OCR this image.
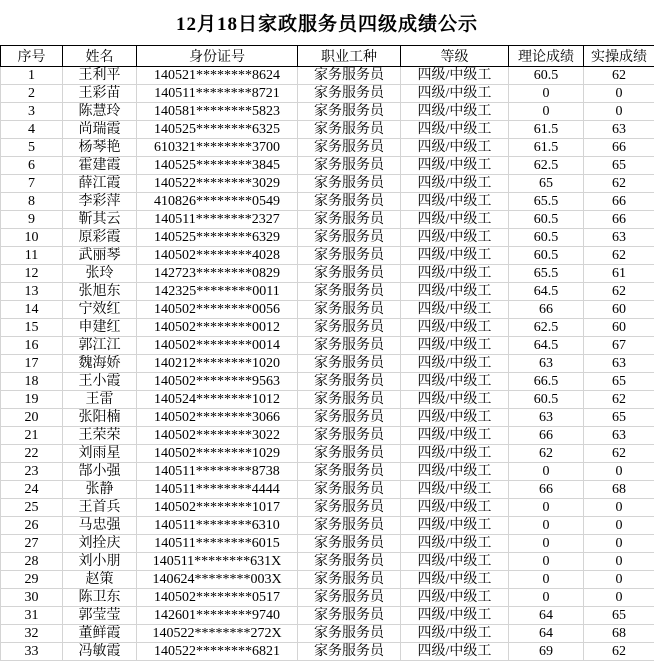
12月18日家政服务员四级成绩公示
序号	姓名	身份证号	职业工种	等级	理论成绩	实操成绩
1	王利平	140521********8624	家务服务员	四级/中级工	60.5	62
2	王彩苗	140511********8721	家务服务员	四级/中级工	0	0
3	陈慧玲	140581********5823	家务服务员	四级/中级工	0	0
4	尚瑞霞	140525********6325	家务服务员	四级/中级工	61.5	63
5	杨琴艳	610321********3700	家务服务员	四级/中级工	61.5	66
6	霍建霞	140525********3845	家务服务员	四级/中级工	62.5	65
7	薛江霞	140522********3029	家务服务员	四级/中级工	65	62
8	李彩萍	410826********0549	家务服务员	四级/中级工	65.5	66
9	靳其云	140511********2327	家务服务员	四级/中级工	60.5	66
10	原彩霞	140525********6329	家务服务员	四级/中级工	60.5	63
11	武丽琴	140502********4028	家务服务员	四级/中级工	60.5	62
12	张玲	142723********0829	家务服务员	四级/中级工	65.5	61
13	张旭东	142325********0011	家务服务员	四级/中级工	64.5	62
14	宁效红	140502********0056	家务服务员	四级/中级工	66	60
15	申建红	140502********0012	家务服务员	四级/中级工	62.5	60
16	郭江江	140502********0014	家务服务员	四级/中级工	64.5	67
17	魏海娇	140212********1020	家务服务员	四级/中级工	63	63
18	王小霞	140502********9563	家务服务员	四级/中级工	66.5	65
19	王雷	140524********1012	家务服务员	四级/中级工	60.5	62
20	张阳楠	140502********3066	家务服务员	四级/中级工	63	65
21	王荣荣	140502********3022	家务服务员	四级/中级工	66	63
22	刘雨星	140502********1029	家务服务员	四级/中级工	62	62
23	郜小强	140511********8738	家务服务员	四级/中级工	0	0
24	张静	140511********4444	家务服务员	四级/中级工	66	68
25	王首兵	140502********1017	家务服务员	四级/中级工	0	0
26	马忠强	140511********6310	家务服务员	四级/中级工	0	0
27	刘拴庆	140511********6015	家务服务员	四级/中级工	0	0
28	刘小朋	140511********631X	家务服务员	四级/中级工	0	0
29	赵策	140624********003X	家务服务员	四级/中级工	0	0
30	陈卫东	140502********0517	家务服务员	四级/中级工	0	0
31	郭莹莹	142601********9740	家务服务员	四级/中级工	64	65
32	董鲜霞	140522********272X	家务服务员	四级/中级工	64	68
33	冯敏霞	140522********6821	家务服务员	四级/中级工	69	62
